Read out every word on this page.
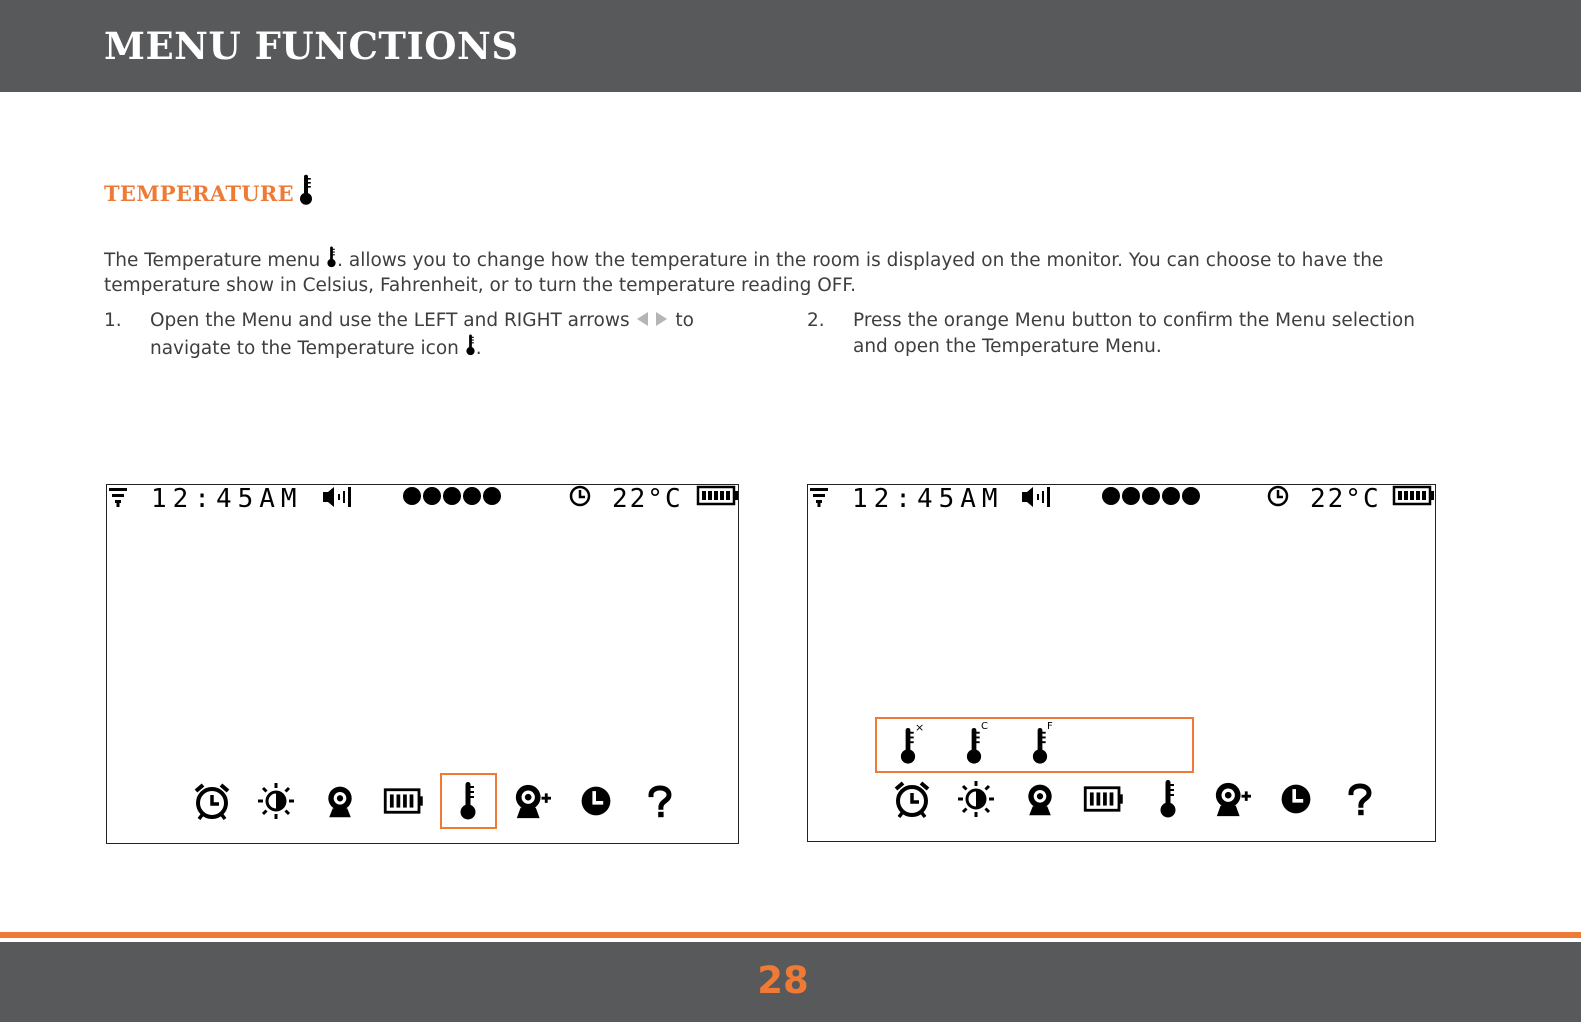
MENU FUNCTIONS
TEMPERATURE
The Temperature menu . allows you to change how the temperature in the room is displayed on the monitor. You can choose to have the temperature show in Celsius, Fahrenheit, or to turn the temperature reading OFF.
1. Open the Menu and use the LEFT and RIGHT arrows to navigate to the Temperature icon .
2. Press the orange Menu button to confirm the Menu selection and open the Temperature Menu.
12:45AM	22°C	12:45AM	22°C
×	C	F
28
